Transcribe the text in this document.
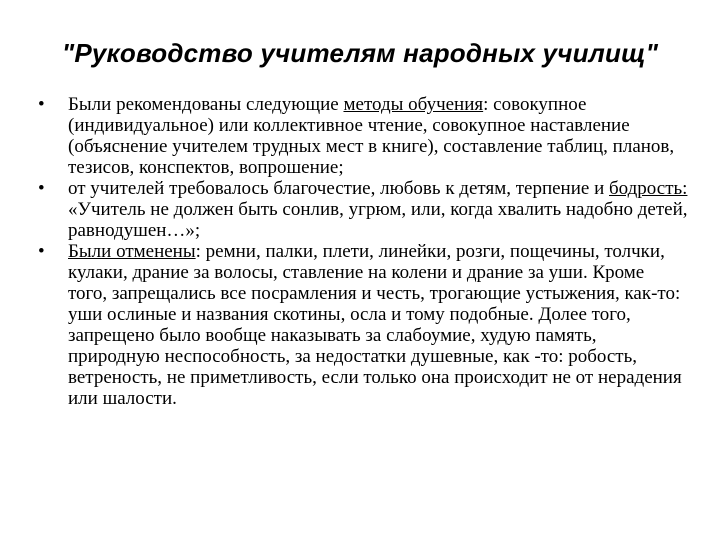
"Руководство учителям народных училищ"
•	Были рекомендованы следующие методы обучения: совокупное (индивидуальное) или коллективное чтение, совокупное наставление (объяснение учителем трудных мест в книге), составление таблиц, планов, тезисов, конспектов, вопрошение;
•	от учителей требовалось благочестие, любовь к детям, терпение и бодрость: «Учитель не должен быть сонлив, угрюм, или, когда хвалить надобно детей, равнодушен…»;
•	Были отменены: ремни, палки, плети, линейки, розги, пощечины, толчки, кулаки, драние за волосы, ставление на колени и драние за уши. Кроме того, запрещались все посрамления и честь, трогающие устыжения, как-то: уши ослиные и названия скотины, осла и тому подобные. Долее того, запрещено было вообще наказывать за слабоумие, худую память, природную неспособность, за недостатки душевные, как -то: робость, ветреность, не приметливость, если только она происходит не от нерадения или шалости.
